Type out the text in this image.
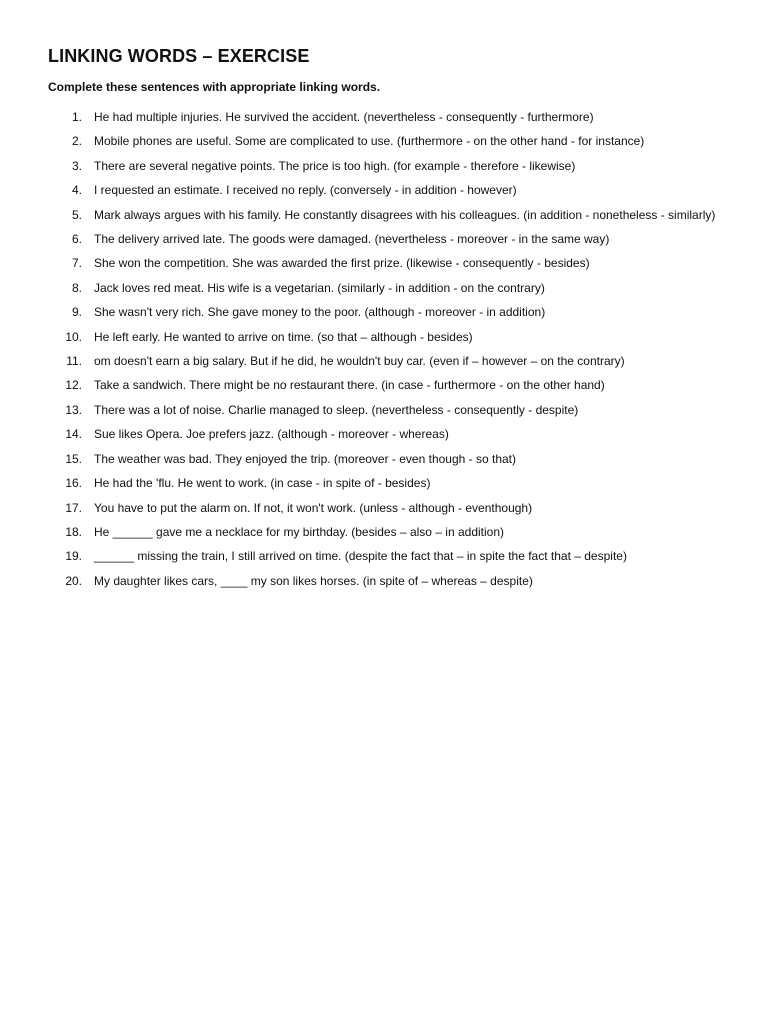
LINKING WORDS – EXERCISE

Complete these sentences with appropriate linking words.

1. He had multiple injuries. He survived the accident. (nevertheless - consequently - furthermore)
2. Mobile phones are useful. Some are complicated to use. (furthermore - on the other hand - for instance)
3. There are several negative points. The price is too high. (for example - therefore - likewise)
4. I requested an estimate. I received no reply. (conversely - in addition - however)
5. Mark always argues with his family. He constantly disagrees with his colleagues. (in addition - nonetheless - similarly)
6. The delivery arrived late. The goods were damaged. (nevertheless - moreover - in the same way)
7. She won the competition. She was awarded the first prize. (likewise - consequently - besides)
8. Jack loves red meat. His wife is a vegetarian. (similarly - in addition - on the contrary)
9. She wasn't very rich. She gave money to the poor. (although - moreover - in addition)
10. He left early. He wanted to arrive on time. (so that – although - besides)
11. om doesn't earn a big salary. But if he did, he wouldn't buy car. (even if – however – on the contrary)
12. Take a sandwich. There might be no restaurant there. (in case - furthermore - on the other hand)
13. There was a lot of noise. Charlie managed to sleep. (nevertheless - consequently - despite)
14. Sue likes Opera. Joe prefers jazz. (although - moreover - whereas)
15. The weather was bad. They enjoyed the trip. (moreover - even though - so that)
16. He had the 'flu. He went to work. (in case - in spite of - besides)
17. You have to put the alarm on. If not, it won't work. (unless - although - eventhough)
18. He ______ gave me a necklace for my birthday. (besides – also – in addition)
19. ______ missing the train, I still arrived on time. (despite the fact that – in spite the fact that – despite)
20. My daughter likes cars, ____ my son likes horses. (in spite of – whereas – despite)
